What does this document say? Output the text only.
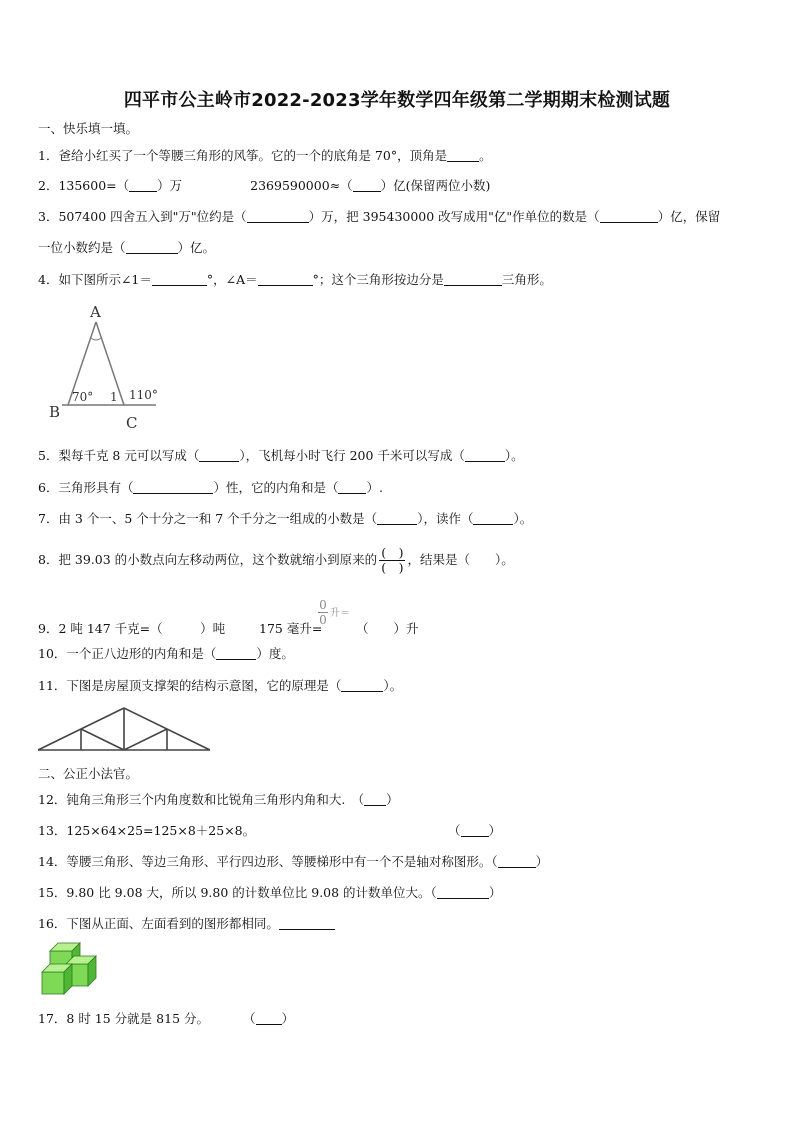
四平市公主岭市2022-2023学年数学四年级第二学期期末检测试题
一、快乐填一填。
1．爸给小红买了一个等腰三角形的风筝。它的一个的底角是 70°，顶角是	。
2．135600=（ ）万	2369590000≈（ ）亿(保留两位小数)
3．507400 四舍五入到"万"位约是（	）万，把 395430000 改写成用"亿"作单位的数是（	）亿，保留
一位小数约是（	）亿。
4．如下图所示∠1＝	°，∠A＝	°；这个三角形按边分是	三角形。
A
B
C
70° 1 110°
5．梨每千克 8 元可以写成（	），飞机每小时飞行 200 千米可以写成（	）。
6．三角形具有（	）性，它的内角和是（ ）.
7．由 3 个一、5 个十分之一和 7 个千分之一组成的小数是（	），读作（	）。
8．把 39.03 的小数点向左移动两位，这个数就缩小到原来的 $\frac{( )}{( )}$ ，结果是（　　）。
9．2 吨 147 千克=（　　　）吨	175 毫升=
$\frac{0}{0}$ 升＝
（　　）升
10．一个正八边形的内角和是（	）度。
11．下图是房屋顶支撑架的结构示意图，它的原理是（	）。
二、公正小法官。
12．钝角三角形三个内角度数和比锐角三角形内角和大.　（ ）
13．125×64×25=125×8＋25×8。	（ ）
14．等腰三角形、等边三角形、平行四边形、等腰梯形中有一个不是轴对称图形。（	）
15．9.80 比 9.08 大，所以 9.80 的计数单位比 9.08 的计数单位大。（	）
16．下图从正面、左面看到的图形都相同。
17．8 时 15 分就是 815 分。	（ ）
